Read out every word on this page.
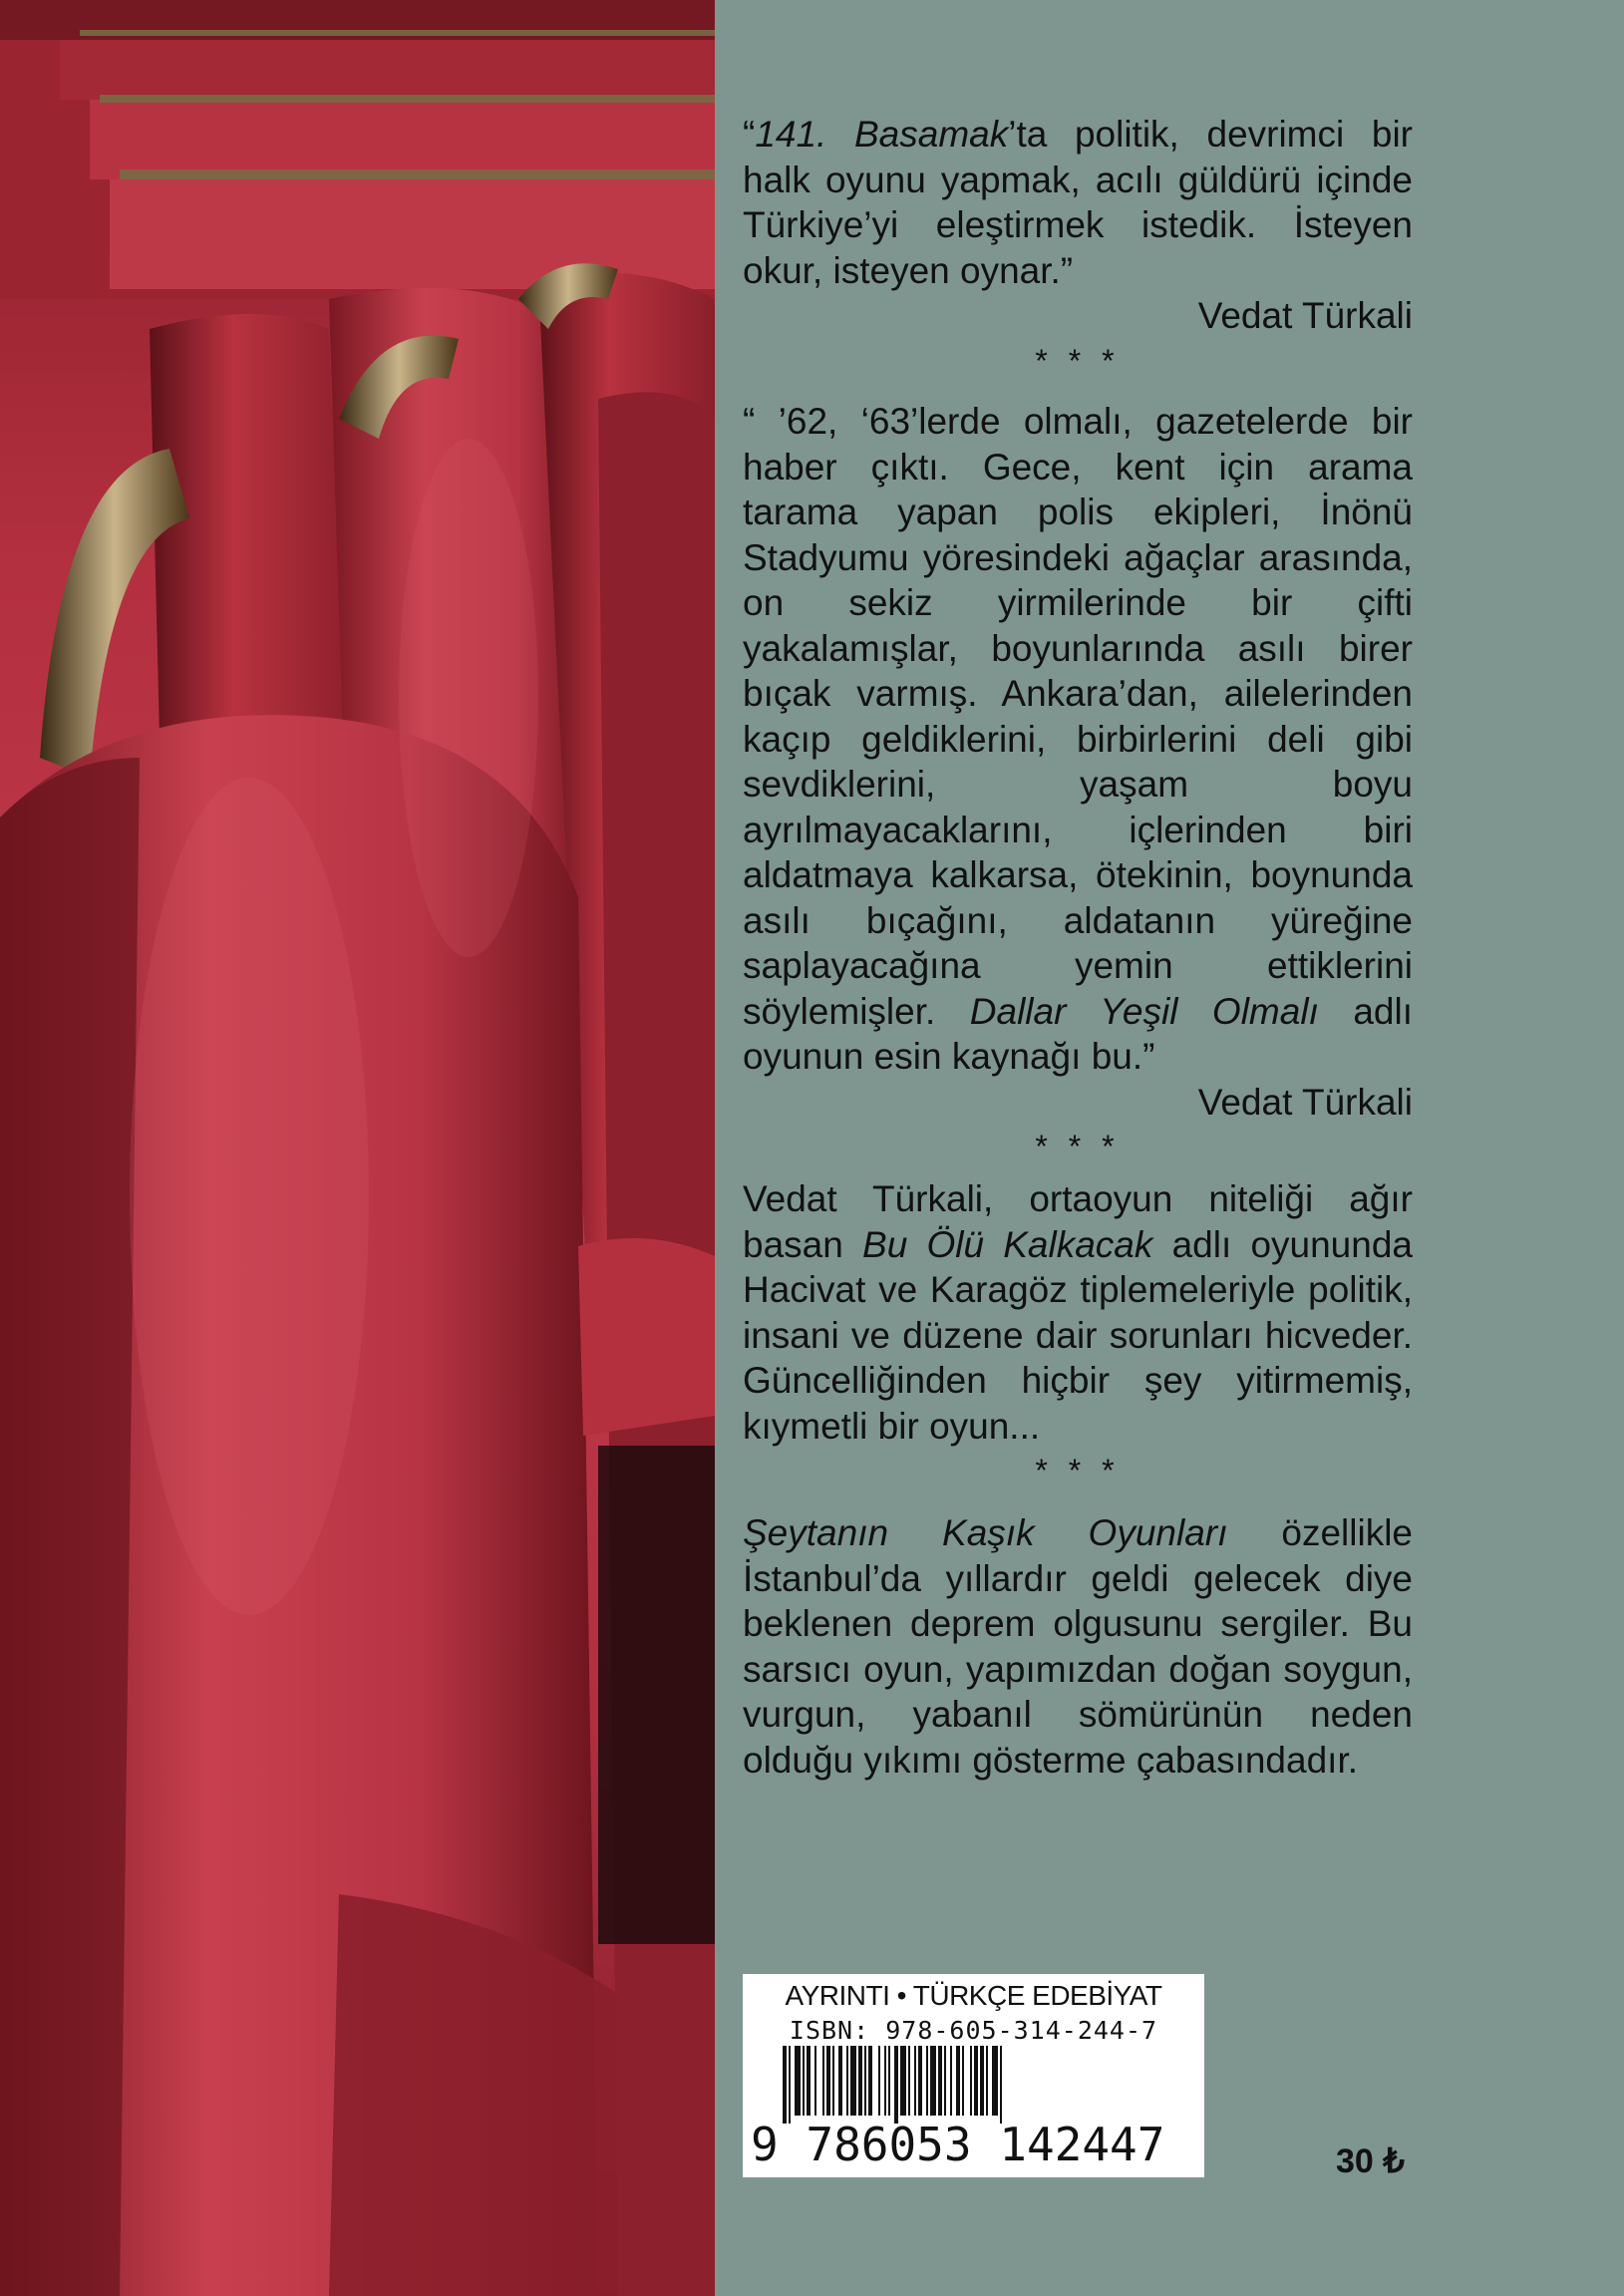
“141. Basamak’ta politik, devrimci bir halk oyunu yapmak, acılı güldürü içinde Türkiye’yi eleştirmek istedik. İsteyen okur, isteyen oynar.”

Vedat Türkali

* * *

“ ’62, ‘63’lerde olmalı, gazetelerde bir haber çıktı. Gece, kent için arama tarama yapan polis ekipleri, İnönü Stadyumu yöresindeki ağaçlar arasında, on sekiz yirmilerinde bir çifti yakalamışlar, boyunlarında asılı birer bıçak varmış. Ankara’dan, ailelerinden kaçıp geldiklerini, birbirlerini deli gibi sevdiklerini, yaşam boyu ayrılmayacaklarını, içlerinden biri aldatmaya kalkarsa, ötekinin, boynunda asılı bıçağını, aldatanın yüreğine saplayacağına yemin ettiklerini söylemişler. Dallar Yeşil Olmalı adlı oyunun esin kaynağı bu.”

Vedat Türkali

* * *

Vedat Türkali, ortaoyun niteliği ağır basan Bu Ölü Kalkacak adlı oyununda Hacivat ve Karagöz tiplemeleriyle politik, insani ve düzene dair sorunları hicveder. Güncelliğinden hiçbir şey yitirmemiş, kıymetli bir oyun...

* * *

Şeytanın Kaşık Oyunları özellikle İstanbul’da yıllardır geldi gelecek diye beklenen deprem olgusunu sergiler. Bu sarsıcı oyun, yapımızdan doğan soygun, vurgun, yabanıl sömürünün neden olduğu yıkımı gösterme çabasındadır.

AYRINTI • TÜRKÇE EDEBİYAT
ISBN: 978-605-314-244-7
9 786053 142447	30 ₺
